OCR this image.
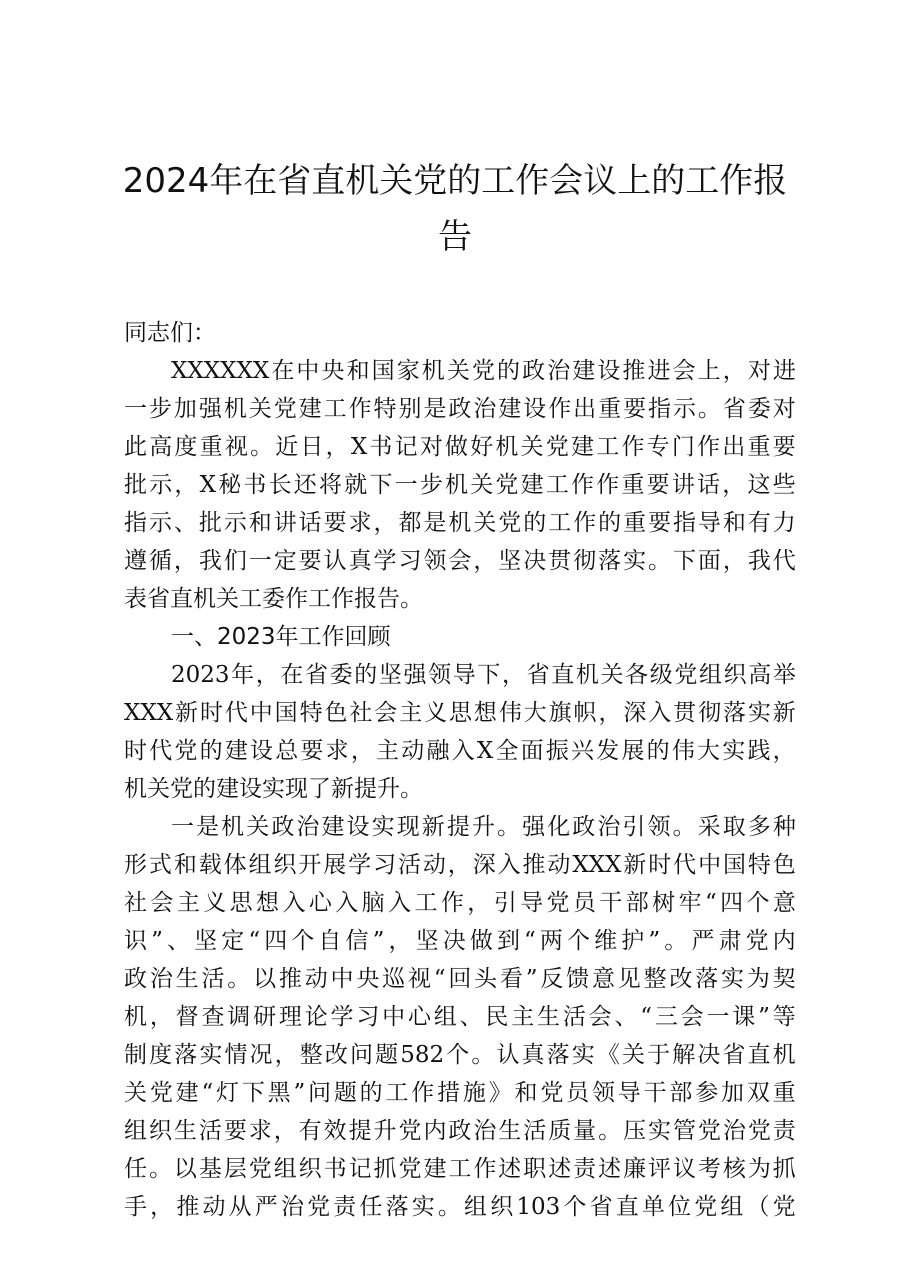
2024年在省直机关党的工作会议上的工作报
告
同志们：
XXXXXX 在 中 央 和 国 家 机 关 党 的 政 治 建 设 推 进 会 上 ， 对 进
一 步 加 强 机 关 党 建 工 作 特 别 是 政 治 建 设 作 出 重 要 指 示 。 省 委 对
此 高 度 重 视 。 近 日 ， X 书 记 对 做 好 机 关 党 建 工 作 专 门 作 出 重 要
批 示 ， X 秘 书 长 还 将 就 下 一 步 机 关 党 建 工 作 作 重 要 讲 话 ， 这 些
指 示 、 批 示 和 讲 话 要 求 ， 都 是 机 关 党 的 工 作 的 重 要 指 导 和 有 力
遵 循 ， 我 们 一 定 要 认 真 学 习 领 会 ， 坚 决 贯 彻 落 实 。 下 面 ， 我 代
表省直机关工委作工作报告。
一、2023年工作回顾
2023 年 ， 在 省 委 的 坚 强 领 导 下 ， 省 直 机 关 各 级 党 组 织 高 举
XXX 新 时 代 中 国 特 色 社 会 主 义 思 想 伟 大 旗 帜 ， 深 入 贯 彻 落 实 新
时 代 党 的 建 设 总 要 求 ， 主 动 融 入 X 全 面 振 兴 发 展 的 伟 大 实 践 ，
机关党的建设实现了新提升。
一 是 机 关 政 治 建 设 实 现 新 提 升 。 强 化 政 治 引 领 。 采 取 多 种
形 式 和 载 体 组 织 开 展 学 习 活 动 ， 深 入 推 动 XXX 新 时 代 中 国 特 色
社 会 主 义 思 想 入 心 入 脑 入 工 作 ， 引 导 党 员 干 部 树 牢 “ 四 个 意
识 ” 、 坚 定 “ 四 个 自 信 ” ， 坚 决 做 到 “ 两 个 维 护 ” 。 严 肃 党 内
政 治 生 活 。 以 推 动 中 央 巡 视 “ 回 头 看 ” 反 馈 意 见 整 改 落 实 为 契
机 ， 督 查 调 研 理 论 学 习 中 心 组 、 民 主 生 活 会 、 “ 三 会 一 课 ” 等
制 度 落 实 情 况 ， 整 改 问 题 582 个 。 认 真 落 实 《 关 于 解 决 省 直 机
关 党 建 “ 灯 下 黑 ” 问 题 的 工 作 措 施 》 和 党 员 领 导 干 部 参 加 双 重
组 织 生 活 要 求 ， 有 效 提 升 党 内 政 治 生 活 质 量 。 压 实 管 党 治 党 责
任 。 以 基 层 党 组 织 书 记 抓 党 建 工 作 述 职 述 责 述 廉 评 议 考 核 为 抓
手 ， 推 动 从 严 治 党 责 任 落 实 。 组 织 103 个 省 直 单 位 党 组 （ 党
